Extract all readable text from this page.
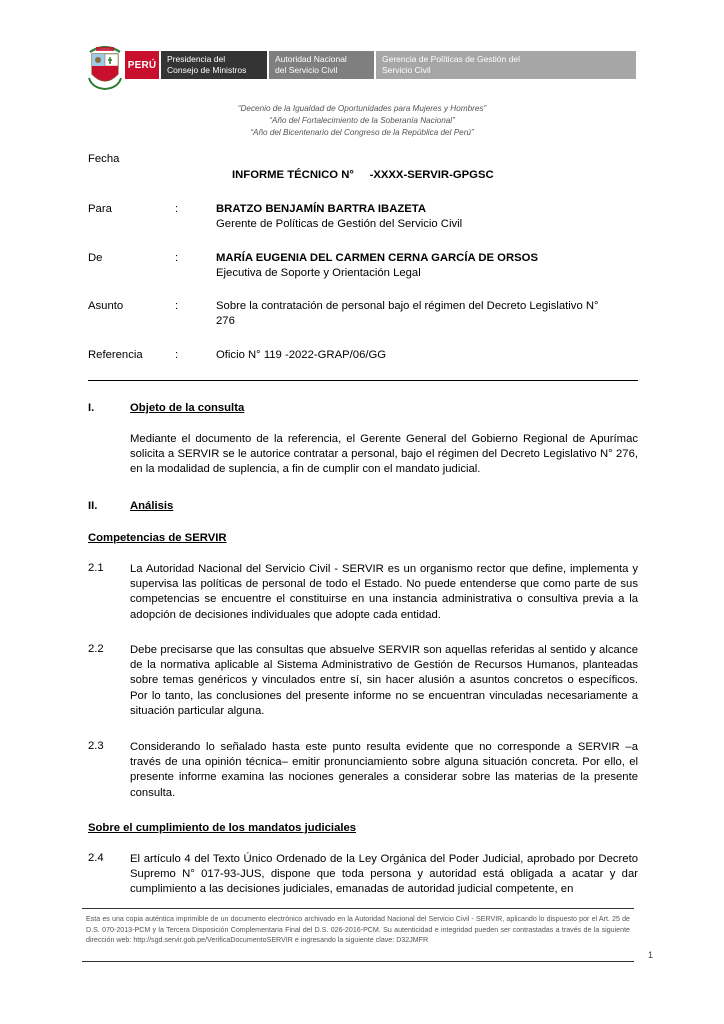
PERÚ
Presidencia del
Consejo de Ministros
Autoridad Nacional
del Servicio Civil
Gerencia de Políticas de Gestión del
Servicio Civil
“Decenio de la Igualdad de Oportunidades para Mujeres y Hombres”
“Año del Fortalecimiento de la Soberanía Nacional”
“Año del Bicentenario del Congreso de la República del Perú”
Fecha
INFORME TÉCNICO N°     -XXXX-SERVIR-GPGSC
Para	:	BRATZO BENJAMÍN BARTRA IBAZETA
Gerente de Políticas de Gestión del Servicio Civil
De	:	MARÍA EUGENIA DEL CARMEN CERNA GARCÍA DE ORSOS
Ejecutiva de Soporte y Orientación Legal
Asunto	:	Sobre la contratación de personal bajo el régimen del Decreto Legislativo N°
276
Referencia	:	Oficio N° 119 -2022-GRAP/06/GG
I.	Objeto de la consulta
Mediante el documento de la referencia, el Gerente General del Gobierno Regional de Apurímac solicita a SERVIR se le autorice contratar a personal, bajo el régimen del Decreto Legislativo N° 276, en la modalidad de suplencia, a fin de cumplir con el mandato judicial.
II.	Análisis
Competencias de SERVIR
2.1 La Autoridad Nacional del Servicio Civil - SERVIR es un organismo rector que define, implementa y supervisa las políticas de personal de todo el Estado. No puede entenderse que como parte de sus competencias se encuentre el constituirse en una instancia administrativa o consultiva previa a la adopción de decisiones individuales que adopte cada entidad.
2.2 Debe precisarse que las consultas que absuelve SERVIR son aquellas referidas al sentido y alcance de la normativa aplicable al Sistema Administrativo de Gestión de Recursos Humanos, planteadas sobre temas genéricos y vinculados entre sí, sin hacer alusión a asuntos concretos o específicos. Por lo tanto, las conclusiones del presente informe no se encuentran vinculadas necesariamente a situación particular alguna.
2.3 Considerando lo señalado hasta este punto resulta evidente que no corresponde a SERVIR –a través de una opinión técnica– emitir pronunciamiento sobre alguna situación concreta. Por ello, el presente informe examina las nociones generales a considerar sobre las materias de la presente consulta.
Sobre el cumplimiento de los mandatos judiciales
2.4 El artículo 4 del Texto Único Ordenado de la Ley Orgánica del Poder Judicial, aprobado por Decreto Supremo N° 017-93-JUS, dispone que toda persona y autoridad está obligada a acatar y dar cumplimiento a las decisiones judiciales, emanadas de autoridad judicial competente, en
Esta es una copia auténtica imprimible de un documento electrónico archivado en la Autoridad Nacional del Servicio Civil - SERVIR, aplicando lo dispuesto por el Art. 25 de D.S. 070-2013-PCM y la Tercera Disposición Complementaria Final del D.S. 026-2016-PCM. Su autenticidad e integridad pueden ser contrastadas a través de la siguiente dirección web: http://sgd.servir.gob.pe/VerificaDocumentoSERVIR e ingresando la siguiente clave: D32JMFR
1
